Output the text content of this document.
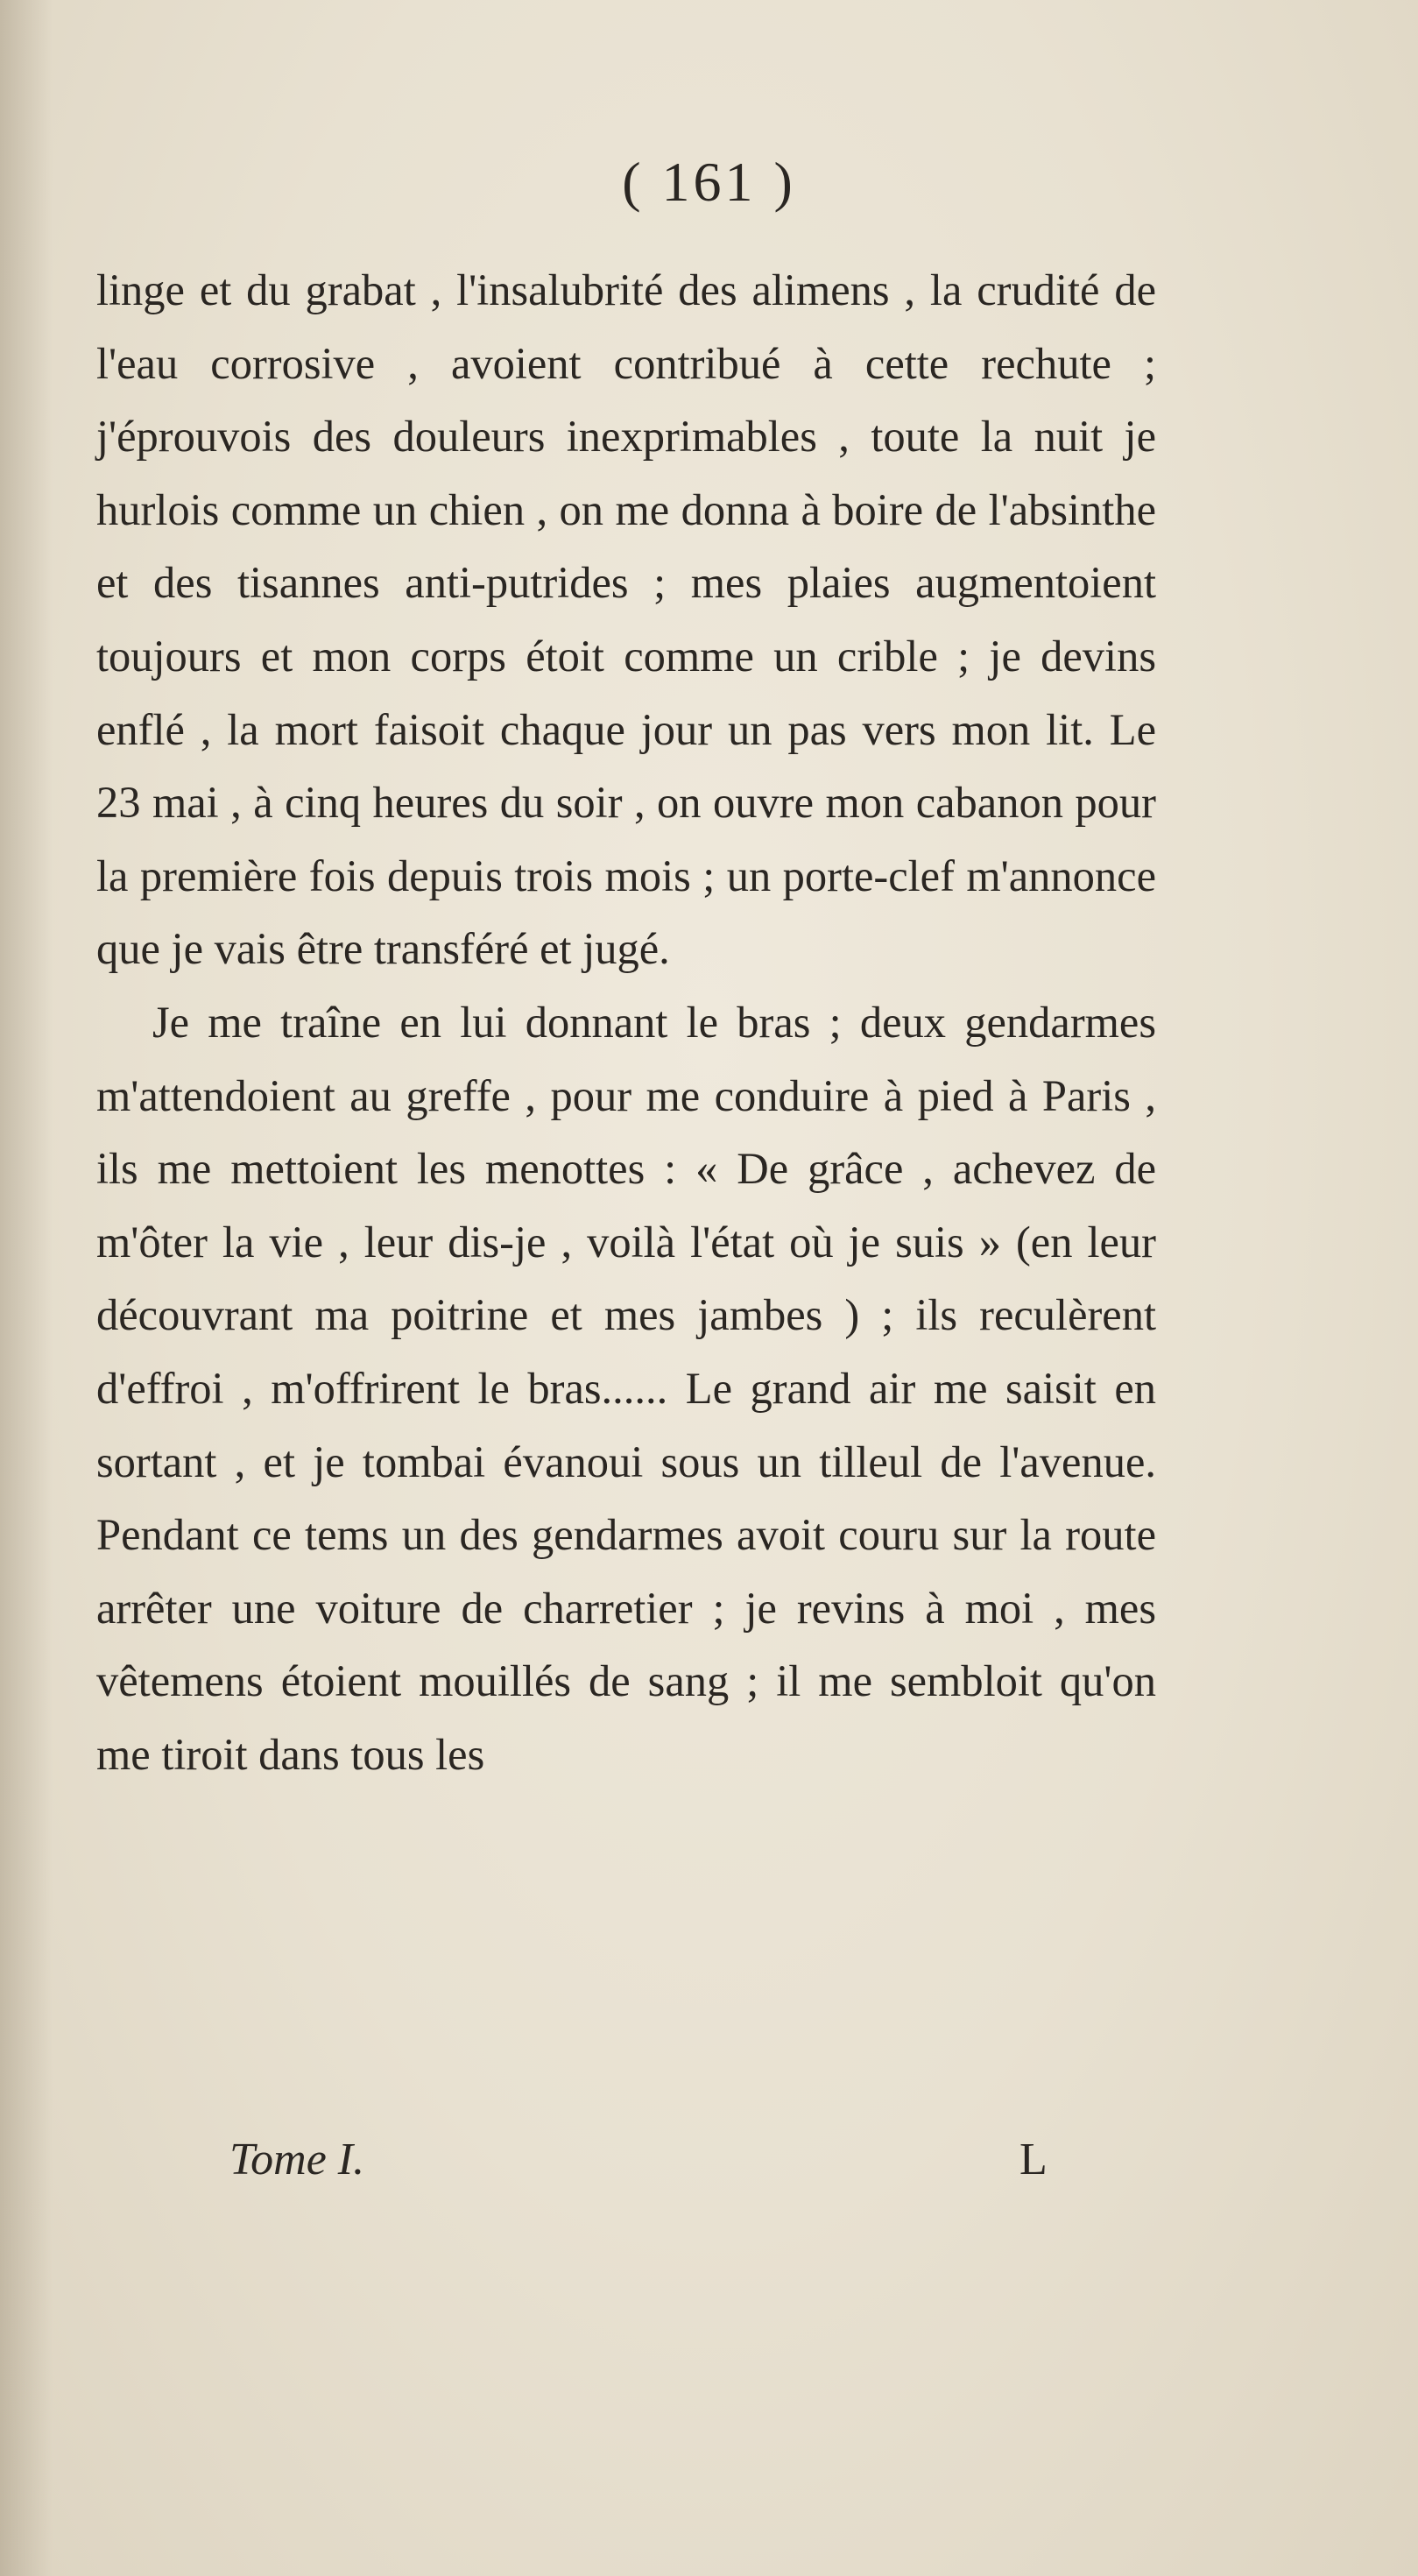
( 161 )

linge et du grabat , l'insalubrité des alimens , la crudité de l'eau corrosive , avoient contribué à cette rechute ; j'éprouvois des douleurs inexprimables , toute la nuit je hurlois comme un chien , on me donna à boire de l'absinthe et des tisannes anti-putrides ; mes plaies augmentoient toujours et mon corps étoit comme un crible ; je devins enflé , la mort faisoit chaque jour un pas vers mon lit. Le 23 mai , à cinq heures du soir , on ouvre mon cabanon pour la première fois depuis trois mois ; un porte-clef m'annonce que je vais être transféré et jugé.

Je me traîne en lui donnant le bras ; deux gendarmes m'attendoient au greffe , pour me conduire à pied à Paris , ils me mettoient les menottes : « De grâce , achevez de m'ôter la vie , leur dis-je , voilà l'état où je suis » (en leur découvrant ma poitrine et mes jambes ) ; ils reculèrent d'effroi , m'offrirent le bras...... Le grand air me saisit en sortant , et je tombai évanoui sous un tilleul de l'avenue. Pendant ce tems un des gendarmes avoit couru sur la route arrêter une voiture de charretier ; je revins à moi , mes vêtemens étoient mouillés de sang ; il me sembloit qu'on me tiroit dans tous les

Tome I.	L
